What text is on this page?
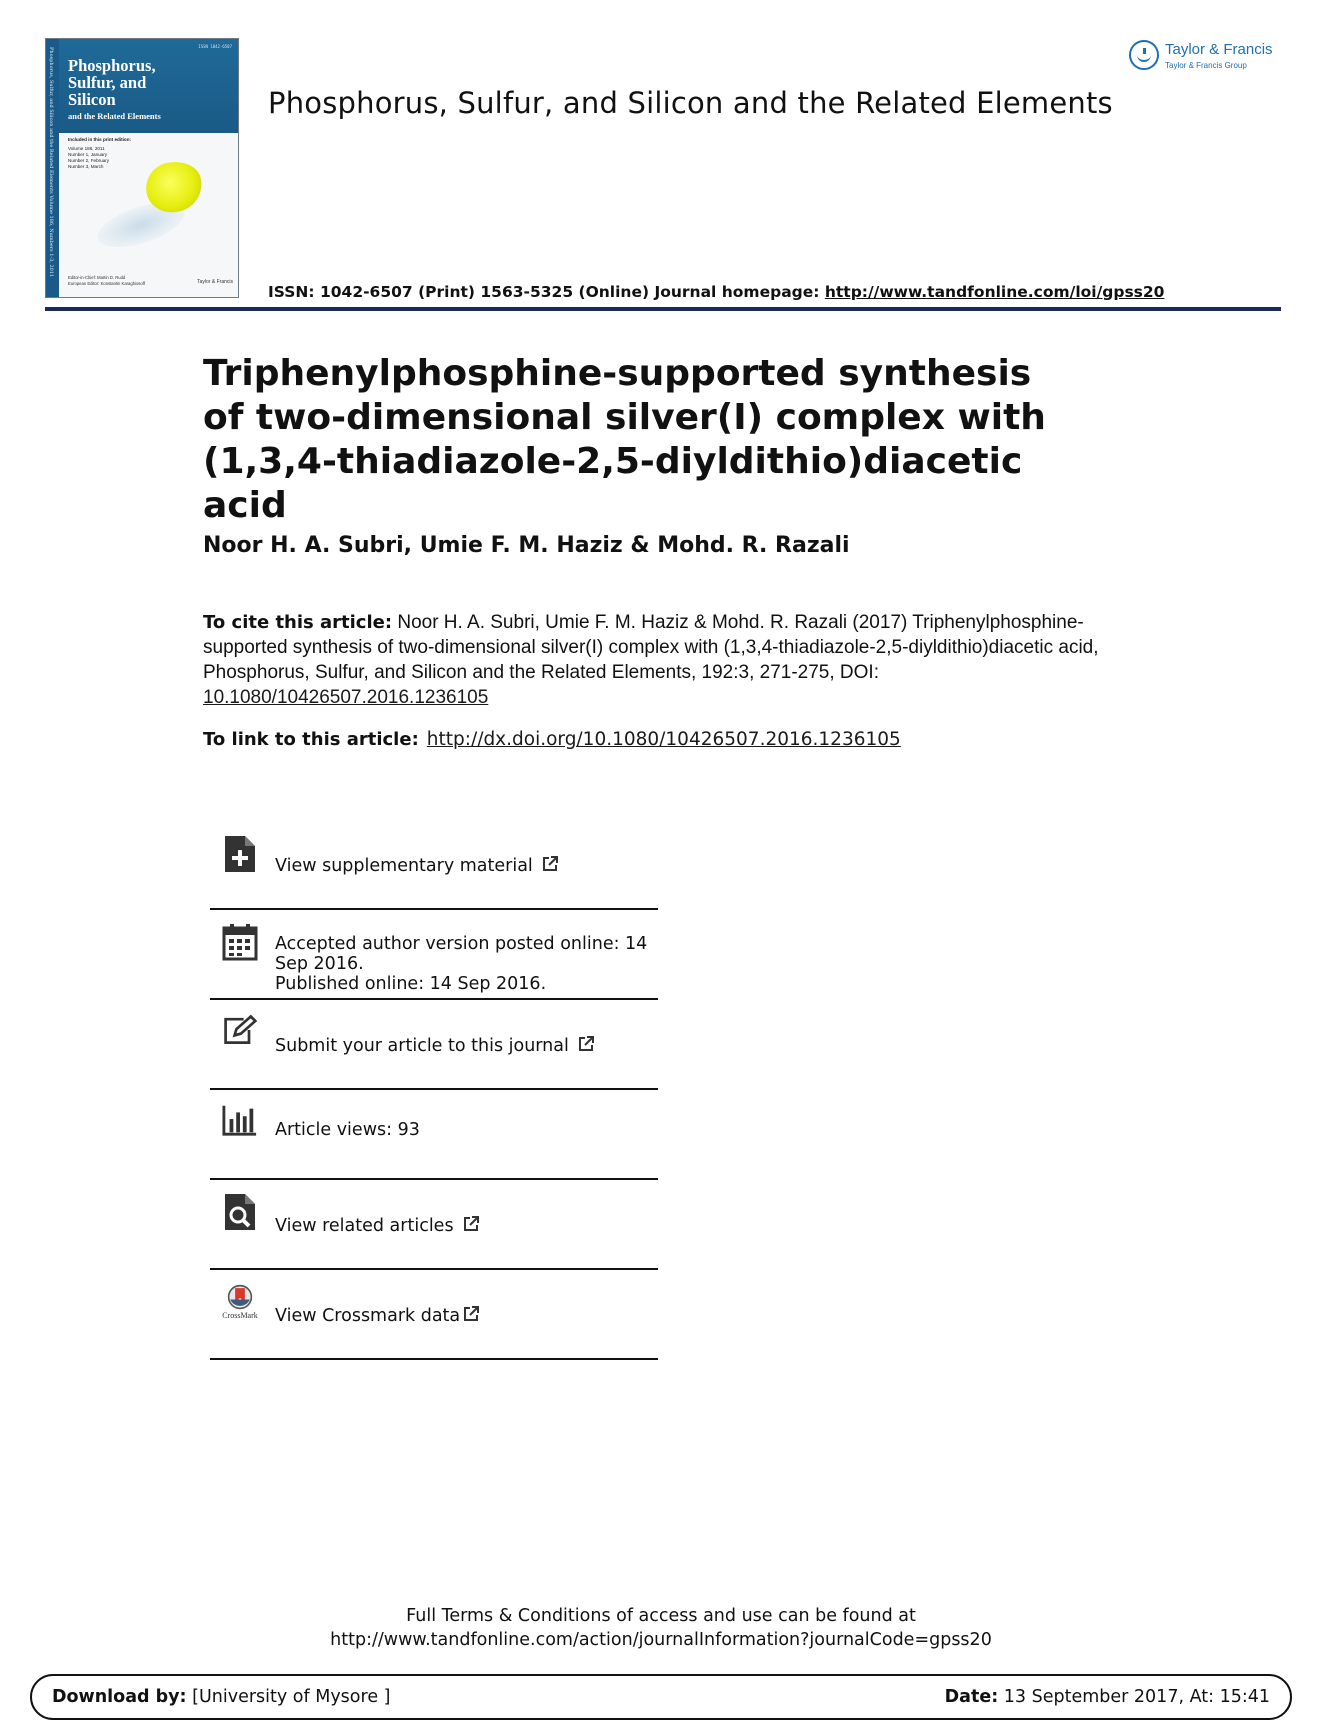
Phosphorus, Sulfur, and Silicon and the Related Elements Volume 186, Numbers 1-3, 2011
ISSN 1042-6507
Phosphorus,
Sulfur, and
Silicon
and the Related Elements
Included in this print edition:
Volume 186, 2011
Number 1, January
Number 2, February
Number 3, March
Editor-in-Chief: Martin D. Rudd
European Editor: Konstantin Karaghiosoff	Taylor & Francis
Taylor & Francis
Taylor & Francis Group
Phosphorus, Sulfur, and Silicon and the Related Elements
ISSN: 1042-6507 (Print) 1563-5325 (Online) Journal homepage: http://www.tandfonline.com/loi/gpss20
Triphenylphosphine-supported synthesis of two-dimensional silver(I) complex with (1,3,4-thiadiazole-2,5-diyldithio)diacetic acid
Noor H. A. Subri, Umie F. M. Haziz & Mohd. R. Razali
To cite this article: Noor H. A. Subri, Umie F. M. Haziz & Mohd. R. Razali (2017) Triphenylphosphine-supported synthesis of two-dimensional silver(I) complex with (1,3,4-thiadiazole-2,5-diyldithio)diacetic acid, Phosphorus, Sulfur, and Silicon and the Related Elements, 192:3, 271-275, DOI: 10.1080/10426507.2016.1236105
To link to this article: http://dx.doi.org/10.1080/10426507.2016.1236105
View supplementary material
Accepted author version posted online: 14
Sep 2016.
Published online: 14 Sep 2016.
Submit your article to this journal
Article views: 93
View related articles
CrossMark View Crossmark data
Full Terms & Conditions of access and use can be found at
http://www.tandfonline.com/action/journalInformation?journalCode=gpss20
Download by: [University of Mysore ]	Date: 13 September 2017, At: 15:41
